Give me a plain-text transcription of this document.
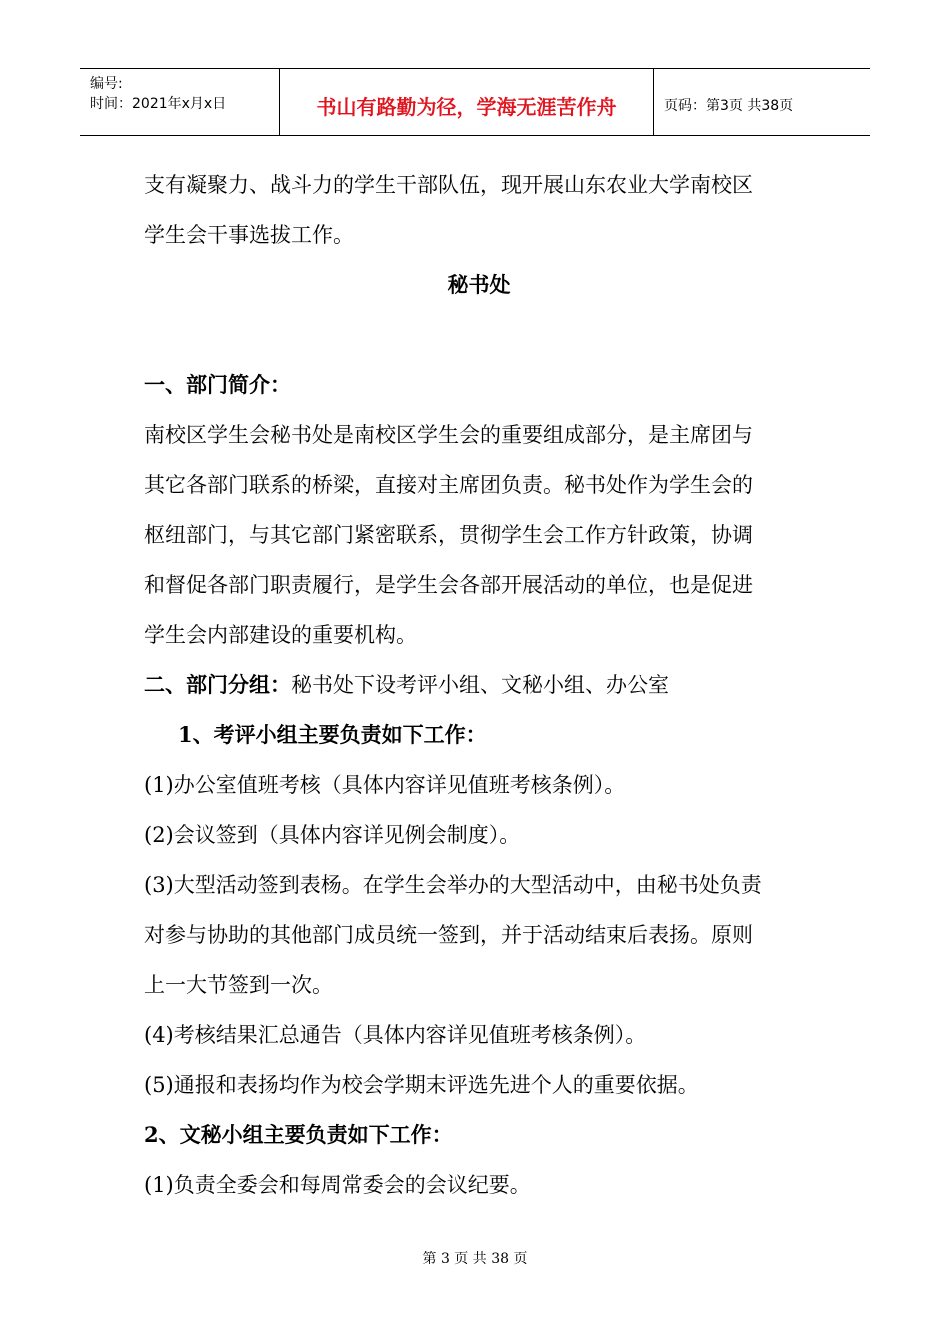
编号:
时间：2021年x月x日	书山有路勤为径，学海无涯苦作舟	页码：第3页 共38页
支有凝聚力、战斗力的学生干部队伍，现开展山东农业大学南校区
学生会干事选拔工作。
秘书处
一、部门简介：
南校区学生会秘书处是南校区学生会的重要组成部分，是主席团与
其它各部门联系的桥梁，直接对主席团负责。秘书处作为学生会的
枢纽部门，与其它部门紧密联系，贯彻学生会工作方针政策，协调
和督促各部门职责履行，是学生会各部开展活动的单位，也是促进
学生会内部建设的重要机构。
二、部门分组：秘书处下设考评小组、文秘小组、办公室
1、考评小组主要负责如下工作：
(1)办公室值班考核（具体内容详见值班考核条例）。
(2)会议签到（具体内容详见例会制度）。
(3)大型活动签到表杨。在学生会举办的大型活动中，由秘书处负责
对参与协助的其他部门成员统一签到，并于活动结束后表扬。原则
上一大节签到一次。
(4)考核结果汇总通告（具体内容详见值班考核条例）。
(5)通报和表扬均作为校会学期末评选先进个人的重要依据。
2、文秘小组主要负责如下工作：
(1)负责全委会和每周常委会的会议纪要。
第 3 页 共 38 页
